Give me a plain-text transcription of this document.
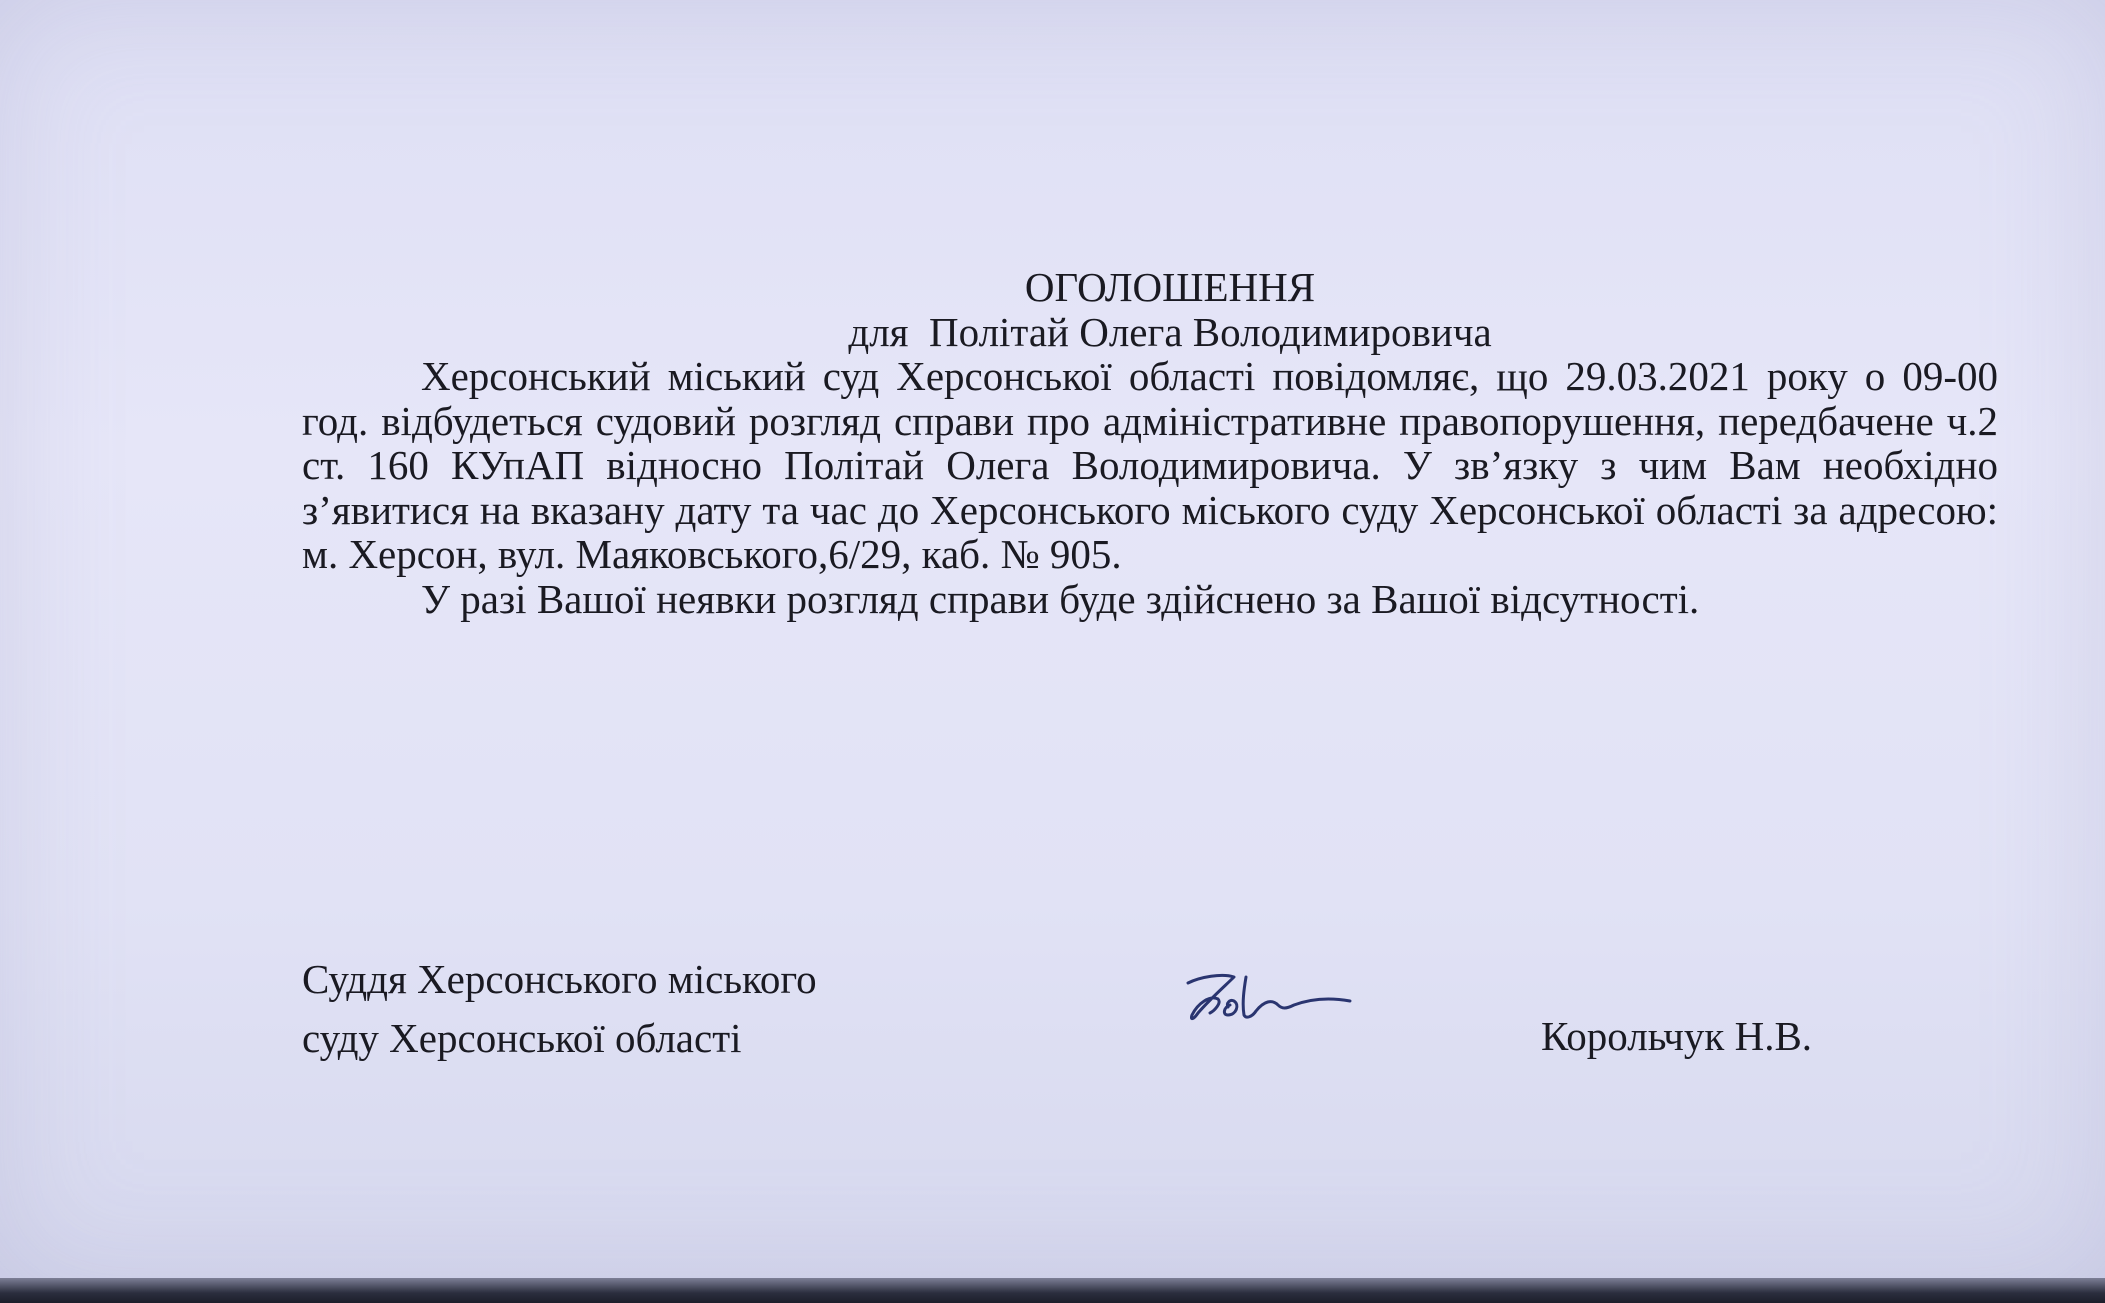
ОГОЛОШЕННЯ

для  Політай Олега Володимировича

Херсонський міський суд Херсонської області повідомляє, що 29.03.2021 року о 09-00 год. відбудеться судовий розгляд справи про адміністративне правопорушення, передбачене ч.2 ст. 160 КУпАП відносно Політай Олега Володимировича. У зв’язку з чим Вам необхідно з’явитися на вказану дату та час до Херсонського міського суду Херсонської області за адресою: м. Херсон, вул. Маяковського,6/29, каб. № 905.

У разі Вашої неявки розгляд справи буде здійснено за Вашої відсутності.

Суддя Херсонського міського
суду Херсонської області	Корольчук Н.В.
